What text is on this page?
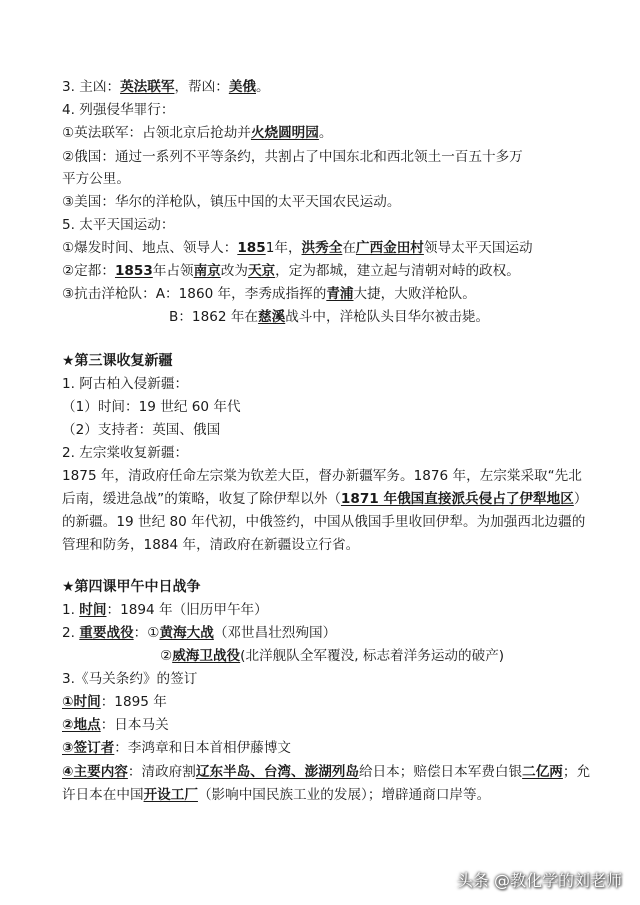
3. 主凶：英法联军，帮凶：美俄。
4. 列强侵华罪行：
①英法联军：占领北京后抢劫并火烧圆明园。
②俄国：通过一系列不平等条约，共割占了中国东北和西北领土一百五十多万
平方公里。
③美国：华尔的洋枪队，镇压中国的太平天国农民运动。
5. 太平天国运动：
①爆发时间、地点、领导人：1851年，洪秀全在广西金田村领导太平天国运动
②定都：1853年占领南京改为天京，定为都城，建立起与清朝对峙的政权。
③抗击洋枪队：A：1860 年，李秀成指挥的青浦大捷，大败洋枪队。
B：1862 年在慈溪战斗中，洋枪队头目华尔被击毙。
★第三课收复新疆
1. 阿古柏入侵新疆：
（1）时间：19 世纪 60 年代
（2）支持者：英国、俄国
2. 左宗棠收复新疆：
1875 年，清政府任命左宗棠为钦差大臣，督办新疆军务。1876 年，左宗棠采取“先北后南，缓进急战”的策略，收复了除伊犁以外（1871 年俄国直接派兵侵占了伊犁地区）的新疆。19 世纪 80 年代初，中俄签约，中国从俄国手里收回伊犁。为加强西北边疆的管理和防务，1884 年，清政府在新疆设立行省。
★第四课甲午中日战争
1. 时间：1894 年（旧历甲午年）
2. 重要战役：①黄海大战（邓世昌壮烈殉国）
②威海卫战役(北洋舰队全军覆没, 标志着洋务运动的破产)
3.《马关条约》的签订
①时间：1895 年
②地点：日本马关
③签订者：李鸿章和日本首相伊藤博文
④主要内容：清政府割辽东半岛、台湾、澎湖列岛给日本；赔偿日本军费白银二亿两；允许日本在中国开设工厂（影响中国民族工业的发展）；增辟通商口岸等。
头条 @教化学的刘老师
